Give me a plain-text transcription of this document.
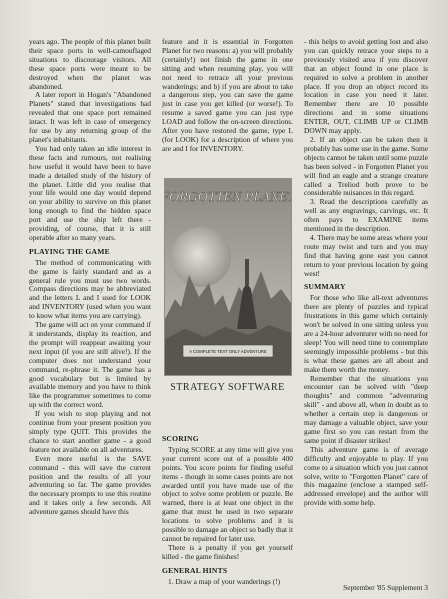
years ago. The people of this planet built their space ports in well-camouflaged situations to discourage visitors. All these space ports were meant to be destroyed when the planet was abandoned.

A later report in Hogan's "Abandoned Planets" stated that investigations had revealed that one space port remained intact. It was left in case of emergency for use by any returning group of the planet's inhabitants.

You had only taken an idle interest in these facts and rumours, not realising how useful it would have been to have made a detailed study of the history of the planet. Little did you realise that your life would one day would depend on your ability to survive on this planet long enough to find the hidden space port and use the ship left there - providing, of course, that it is still operable after so many years.

PLAYING THE GAME

The method of communicating with the game is fairly standard and as a general rule you must use two words. Compass directions may be abbreviated and the letters L and I used for LOOK and INVENTORY (used when you want to know what items you are carrying).

The game will act on your command if it understands, display its reaction, and the prompt will reappear awaiting your next input (if you are still alive!). If the computer does not understand your command, re-phrase it. The game has a good vocabulary but is limited by available memory and you have to think like the programmer sometimes to come up with the correct word.

If you wish to stop playing and not continue from your present position you simply type QUIT. This provides the chance to start another game - a good feature not available on all adventures.

Even more useful is the SAVE command - this will save the current position and the results of all your adventuring so far. The game provides the necessary prompts to use this routine and it takes only a few seconds. All adventure games should have this

feature and it is essential in Forgotten Planet for two reasons: a) you will probably (certainly!) not finish the game in one sitting and when resuming play, you will not need to retrace all your previous wanderings; and b) if you are about to take a dangerous step, you can save the game just in case you get killed (or worse!). To resume a saved game you can just type LOAD and follow the on-screen directions. After you have restored the game, type L (for LOOK) for a description of where you are and I for INVENTORY.

FORGOTTEN PLANET
A COMPLETE TEXT ONLY ADVENTURE
STRATEGY SOFTWARE
SCORING

Typing SCORE at any time will give you your current score out of a possible 400 points. You score points for finding useful items - though in some cases points are not awarded until you have made use of the object to solve some problem or puzzle. Be warned, there is at least one object in the game that must be used in two separate locations to solve problems and it is possible to damage an object so badly that it cannot be repaired for later use.

There is a penalty if you get yourself killed - the game finishes!

GENERAL HINTS

1. Draw a map of your wanderings (!)

- this helps to avoid getting lost and also you can quickly retrace your steps to a previously visited area if you discover that an object found in one place is required to solve a problem in another place. If you drop an object record its location in case you need it later. Remember there are 10 possible directions and in some situations ENTER, OUT, CLIMB UP or CLIMB DOWN may apply.

2. If an object can be taken then it probably has some use in the game. Some objects cannot be taken until some puzzle has been solved - in Forgotten Planet you will find an eagle and a strange creature called a Treliod both prove to be considerable nuisances in this regard.

3. Read the descriptions carefully as well as any engravings, carvings, etc. It often pays to EXAMINE items mentioned in the description.

4. There may be some areas where your route may twist and turn and you may find that having gone east you cannot return to your previous location by going west!

SUMMARY

For those who like all-text adventures there are plenty of puzzles and typical frustrations in this game which certainly won't be solved in one sitting unless you are a 24-hour adventurer with no need for sleep! You will need time to contemplate seemingly impossible problems - but this is what these games are all about and make them worth the money.

Remember that the situations you encounter can be solved with "deep thoughts" and common "adventuring skill" - and above all, when in doubt as to whether a certain step is dangerous or may damage a valuable object, save your game first so you can restart from the same point if disaster strikes!

This adventure game is of average difficulty and enjoyable to play. If you come to a situation which you just cannot solve, write to "Forgotten Planet" care of this magazine (enclose a stamped self-addressed envelope) and the author will provide with some help.

September '85 Supplement 3
